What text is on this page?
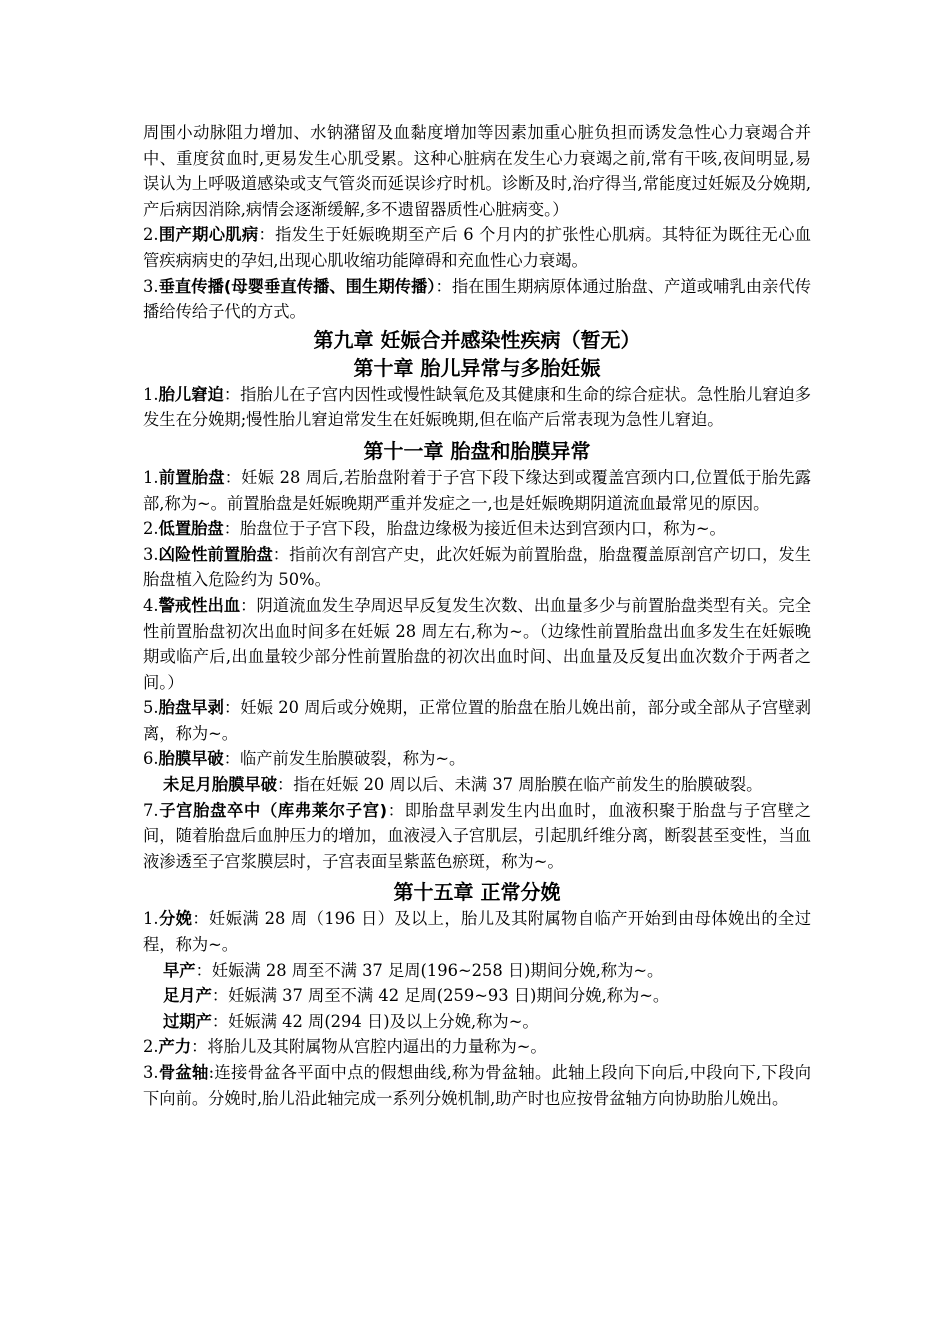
周围小动脉阻力增加、水钠潴留及血黏度增加等因素加重心脏负担而诱发急性心力衰竭合并中、重度贫血时,更易发生心肌受累。这种心脏病在发生心力衰竭之前,常有干咳,夜间明显,易误认为上呼吸道感染或支气管炎而延误诊疗时机。诊断及时,治疗得当,常能度过妊娠及分娩期,产后病因消除,病情会逐渐缓解,多不遗留器质性心脏病变。）

2.围产期心肌病：指发生于妊娠晚期至产后 6 个月内的扩张性心肌病。其特征为既往无心血管疾病病史的孕妇,出现心肌收缩功能障碍和充血性心力衰竭。

3.垂直传播(母婴垂直传播、围生期传播）：指在围生期病原体通过胎盘、产道或哺乳由亲代传播给传给子代的方式。

第九章 妊娠合并感染性疾病（暂无）
第十章 胎儿异常与多胎妊娠

1.胎儿窘迫：指胎儿在子宫内因性或慢性缺氧危及其健康和生命的综合症状。急性胎儿窘迫多发生在分娩期;慢性胎儿窘迫常发生在妊娠晚期,但在临产后常表现为急性儿窘迫。

第十一章 胎盘和胎膜异常

1.前置胎盘：妊娠 28 周后,若胎盘附着于子宫下段下缘达到或覆盖宫颈内口,位置低于胎先露部,称为~。前置胎盘是妊娠晚期严重并发症之一,也是妊娠晚期阴道流血最常见的原因。

2.低置胎盘：胎盘位于子宫下段，胎盘边缘极为接近但未达到宫颈内口，称为~。

3.凶险性前置胎盘：指前次有剖宫产史，此次妊娠为前置胎盘，胎盘覆盖原剖宫产切口，发生胎盘植入危险约为 50%。

4.警戒性出血：阴道流血发生孕周迟早反复发生次数、出血量多少与前置胎盘类型有关。完全性前置胎盘初次出血时间多在妊娠 28 周左右,称为~。（边缘性前置胎盘出血多发生在妊娠晚期或临产后,出血量较少部分性前置胎盘的初次出血时间、出血量及反复出血次数介于两者之间。）

5.胎盘早剥：妊娠 20 周后或分娩期，正常位置的胎盘在胎儿娩出前，部分或全部从子宫壁剥离，称为~。

6.胎膜早破：临产前发生胎膜破裂，称为~。

未足月胎膜早破：指在妊娠 20 周以后、未满 37 周胎膜在临产前发生的胎膜破裂。

7.子宫胎盘卒中（库弗莱尔子宫)：即胎盘早剥发生内出血时，血液积聚于胎盘与子宫壁之间，随着胎盘后血肿压力的增加，血液浸入子宫肌层，引起肌纤维分离，断裂甚至变性，当血液渗透至子宫浆膜层时，子宫表面呈紫蓝色瘀斑，称为~。

第十五章 正常分娩

1.分娩：妊娠满 28 周（196 日）及以上，胎儿及其附属物自临产开始到由母体娩出的全过程，称为~。

早产：妊娠满 28 周至不满 37 足周(196~258 日)期间分娩,称为~。

足月产：妊娠满 37 周至不满 42 足周(259~93 日)期间分娩,称为~。

过期产：妊娠满 42 周(294 日)及以上分娩,称为~。

2.产力：将胎儿及其附属物从宫腔内逼出的力量称为~。

3.骨盆轴:连接骨盆各平面中点的假想曲线,称为骨盆轴。此轴上段向下向后,中段向下,下段向下向前。分娩时,胎儿沿此轴完成一系列分娩机制,助产时也应按骨盆轴方向协助胎儿娩出。
